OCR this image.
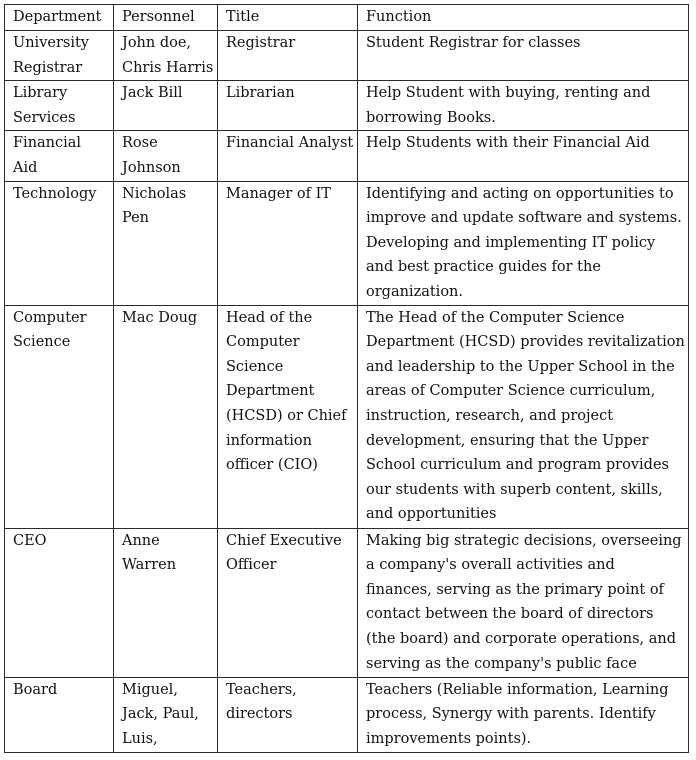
Department	Personnel	Title	Function
University Registrar	John doe, Chris Harris	Registrar	Student Registrar for classes
Library Services	Jack Bill	Librarian	Help Student with buying, renting and borrowing Books.
Financial Aid	Rose Johnson	Financial Analyst	Help Students with their Financial Aid
Technology	Nicholas Pen	Manager of IT	Identifying and acting on opportunities to improve and update software and systems. Developing and implementing IT policy and best practice guides for the organization.
Computer Science	Mac Doug	Head of the Computer Science Department (HCSD) or Chief information officer (CIO)	The Head of the Computer Science Department (HCSD) provides revitalization and leadership to the Upper School in the areas of Computer Science curriculum, instruction, research, and project development, ensuring that the Upper School curriculum and program provides our students with superb content, skills, and opportunities
CEO	Anne Warren	Chief Executive Officer	Making big strategic decisions, overseeing a company's overall activities and finances, serving as the primary point of contact between the board of directors (the board) and corporate operations, and serving as the company's public face
Board	Miguel, Jack, Paul, Luis,	Teachers, directors	Teachers (Reliable information, Learning process, Synergy with parents. Identify improvements points).
